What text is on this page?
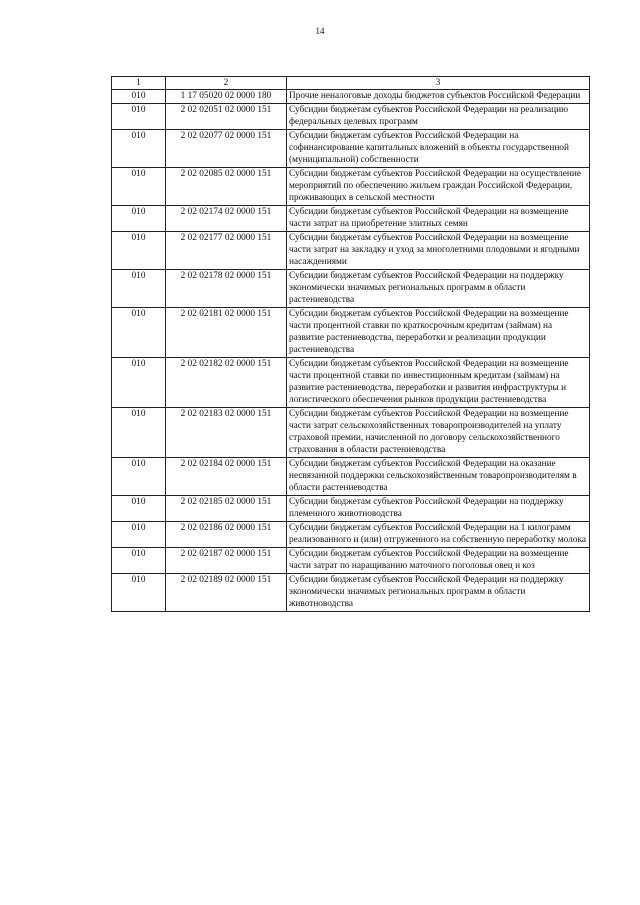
14
1	2	3
010	1 17 05020 02 0000 180	Прочие неналоговые доходы бюджетов субъектов Российской Федерации
010	2 02 02051 02 0000 151	Субсидии бюджетам субъектов Российской Федерации на реализацию федеральных целевых программ
010	2 02 02077 02 0000 151	Субсидии бюджетам субъектов Российской Федерации на софинансирование капитальных вложений в объекты государственной (муниципальной) собственности
010	2 02 02085 02 0000 151	Субсидии бюджетам субъектов Российской Федерации на осуществление мероприятий по обеспечению жильем граждан Российской Федерации, проживающих в сельской местности
010	2 02 02174 02 0000 151	Субсидии бюджетам субъектов Российской Федерации на возмещение части затрат на приобретение элитных семян
010	2 02 02177 02 0000 151	Субсидии бюджетам субъектов Российской Федерации на возмещение части затрат на закладку и уход за многолетними плодовыми и ягодными насаждениями
010	2 02 02178 02 0000 151	Субсидии бюджетам субъектов Российской Федерации на поддержку экономически значимых региональных программ в области растениеводства
010	2 02 02181 02 0000 151	Субсидии бюджетам субъектов Российской Федерации на возмещение части процентной ставки по краткосрочным кредитам (займам) на развитие растениеводства, переработки и реализации продукции растениеводства
010	2 02 02182 02 0000 151	Субсидии бюджетам субъектов Российской Федерации на возмещение части процентной ставки по инвестиционным кредитам (займам) на развитие растениеводства, переработки и развития инфраструктуры и логистического обеспечения рынков продукции растениеводства
010	2 02 02183 02 0000 151	Субсидии бюджетам субъектов Российской Федерации на возмещение части затрат сельскохозяйственных товаропроизводителей на уплату страховой премии, начисленной по договору сельскохозяйственного страхования в области растениеводства
010	2 02 02184 02 0000 151	Субсидии бюджетам субъектов Российской Федерации на оказание несвязанной поддержки сельскохозяйственным товаропроизводителям в области растениеводства
010	2 02 02185 02 0000 151	Субсидии бюджетам субъектов Российской Федерации на поддержку племенного животноводства
010	2 02 02186 02 0000 151	Субсидии бюджетам субъектов Российской Федерации на 1 килограмм реализованного и (или) отгруженного на собственную переработку молока
010	2 02 02187 02 0000 151	Субсидии бюджетам субъектов Российской Федерации на возмещение части затрат по наращиванию маточного поголовья овец и коз
010	2 02 02189 02 0000 151	Субсидии бюджетам субъектов Российской Федерации на поддержку экономически значимых региональных программ в области животноводства
